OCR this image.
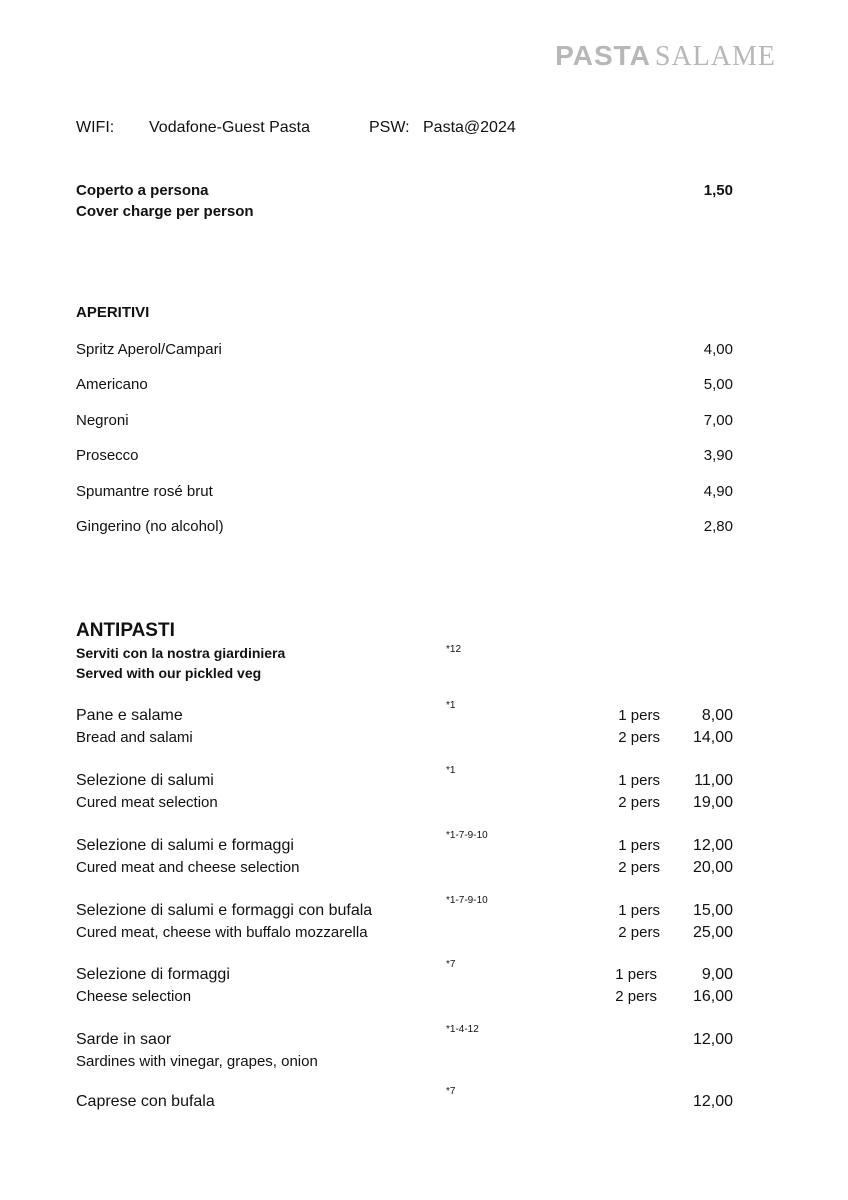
PASTA SALAME
WIFI: Vodafone-Guest Pasta	PSW: Pasta@2024
Coperto a persona
Cover charge per person
1,50
APERITIVI
Spritz Aperol/Campari	4,00
Americano	5,00
Negroni	7,00
Prosecco	3,90
Spumantre rosé brut	4,90
Gingerino (no alcohol)	2,80
ANTIPASTI
Serviti con la nostra giardiniera
Served with our pickled veg
*12
Pane e salame
Bread and salami
*1
1 pers	8,00
2 pers 14,00
Selezione di salumi
Cured meat selection
*1
1 pers 11,00
2 pers 19,00
Selezione di salumi e formaggi
Cured meat and cheese selection
*1-7-9-10
1 pers 12,00
2 pers 20,00
Selezione di salumi e formaggi con bufala
Cured meat, cheese with buffalo mozzarella
*1-7-9-10
1 pers 15,00
2 pers 25,00
Selezione di formaggi
Cheese selection
*7
1 pers	9,00
2 pers 16,00
Sarde in saor
Sardines with vinegar, grapes, onion
*1-4-12
12,00
Caprese con bufala
*7
12,00
